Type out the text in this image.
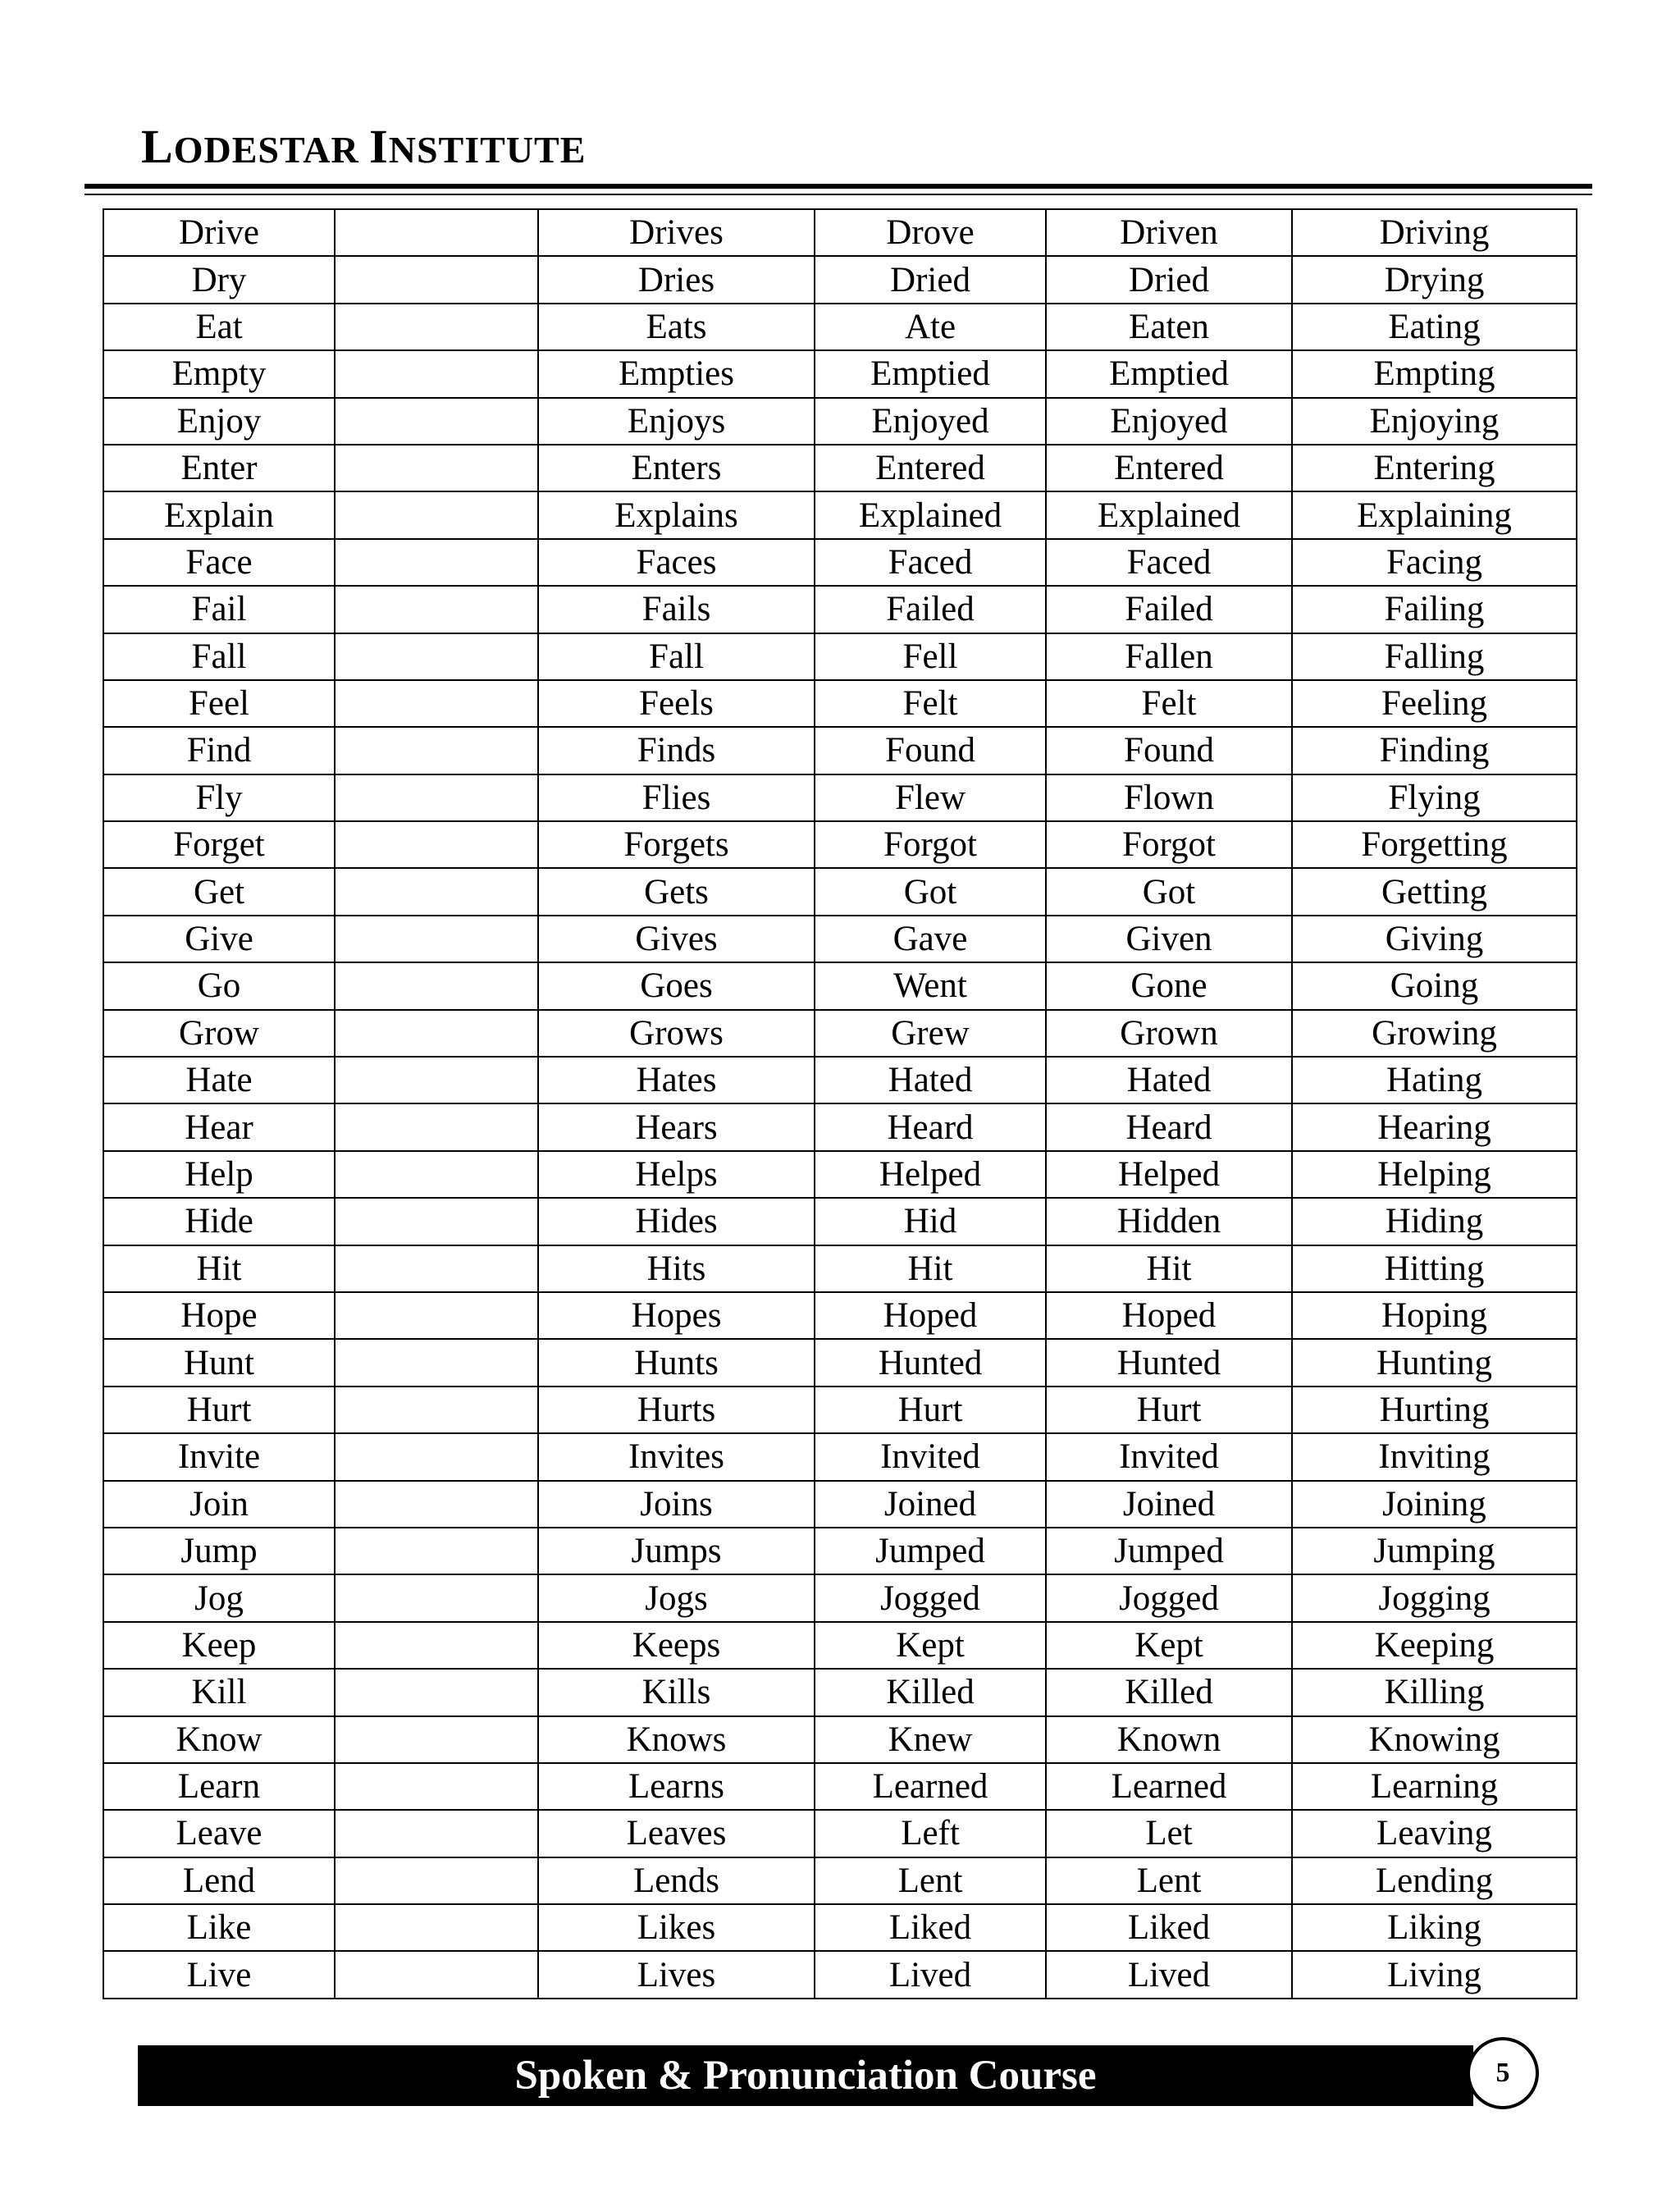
LODESTAR INSTITUTE
Drive		Drives	Drove	Driven	Driving
Dry		Dries	Dried	Dried	Drying
Eat		Eats	Ate	Eaten	Eating
Empty		Empties	Emptied	Emptied	Empting
Enjoy		Enjoys	Enjoyed	Enjoyed	Enjoying
Enter		Enters	Entered	Entered	Entering
Explain		Explains	Explained	Explained	Explaining
Face		Faces	Faced	Faced	Facing
Fail		Fails	Failed	Failed	Failing
Fall		Fall	Fell	Fallen	Falling
Feel		Feels	Felt	Felt	Feeling
Find		Finds	Found	Found	Finding
Fly		Flies	Flew	Flown	Flying
Forget		Forgets	Forgot	Forgot	Forgetting
Get		Gets	Got	Got	Getting
Give		Gives	Gave	Given	Giving
Go		Goes	Went	Gone	Going
Grow		Grows	Grew	Grown	Growing
Hate		Hates	Hated	Hated	Hating
Hear		Hears	Heard	Heard	Hearing
Help		Helps	Helped	Helped	Helping
Hide		Hides	Hid	Hidden	Hiding
Hit		Hits	Hit	Hit	Hitting
Hope		Hopes	Hoped	Hoped	Hoping
Hunt		Hunts	Hunted	Hunted	Hunting
Hurt		Hurts	Hurt	Hurt	Hurting
Invite		Invites	Invited	Invited	Inviting
Join		Joins	Joined	Joined	Joining
Jump		Jumps	Jumped	Jumped	Jumping
Jog		Jogs	Jogged	Jogged	Jogging
Keep		Keeps	Kept	Kept	Keeping
Kill		Kills	Killed	Killed	Killing
Know		Knows	Knew	Known	Knowing
Learn		Learns	Learned	Learned	Learning
Leave		Leaves	Left	Let	Leaving
Lend		Lends	Lent	Lent	Lending
Like		Likes	Liked	Liked	Liking
Live		Lives	Lived	Lived	Living
Spoken & Pronunciation Course	5
